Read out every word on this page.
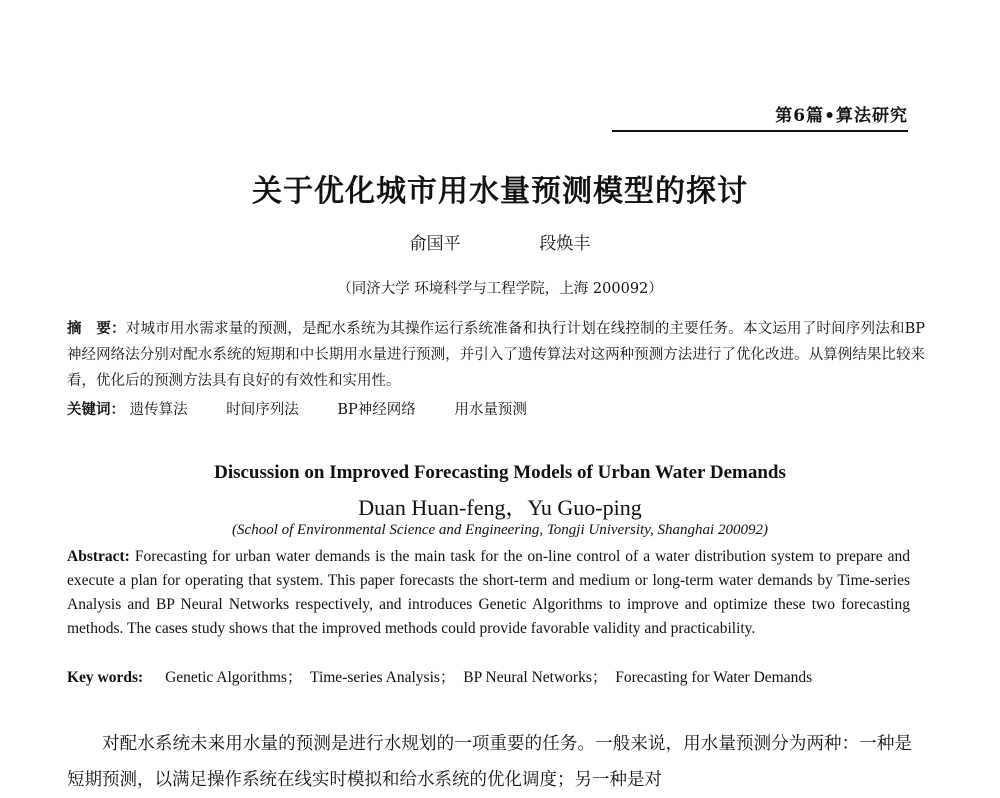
第6篇•算法研究
关于优化城市用水量预测模型的探讨
俞国平	段焕丰
（同济大学 环境科学与工程学院，上海 200092）
摘　要：对城市用水需求量的预测，是配水系统为其操作运行系统准备和执行计划在线控制的主要任务。本文运用了时间序列法和BP神经网络法分别对配水系统的短期和中长期用水量进行预测，并引入了遗传算法对这两种预测方法进行了优化改进。从算例结果比较来看，优化后的预测方法具有良好的有效性和实用性。
关键词： 遗传算法	时间序列法	BP神经网络	用水量预测
Discussion on Improved Forecasting Models of Urban Water Demands
Duan Huan-feng，Yu Guo-ping
(School of Environmental Science and Engineering, Tongji University, Shanghai 200092)
Abstract: Forecasting for urban water demands is the main task for the on-line control of a water distribution system to prepare and execute a plan for operating that system. This paper forecasts the short-term and medium or long-term water demands by Time-series Analysis and BP Neural Networks respectively, and introduces Genetic Algorithms to improve and optimize these two forecasting methods. The cases study shows that the improved methods could provide favorable validity and practicability.
Key words: Genetic Algorithms； Time-series Analysis； BP Neural Networks； Forecasting for Water Demands
对配水系统未来用水量的预测是进行水规划的一项重要的任务。一般来说，用水量预测分为两种：一种是短期预测，以满足操作系统在线实时模拟和给水系统的优化调度；另一种是对
